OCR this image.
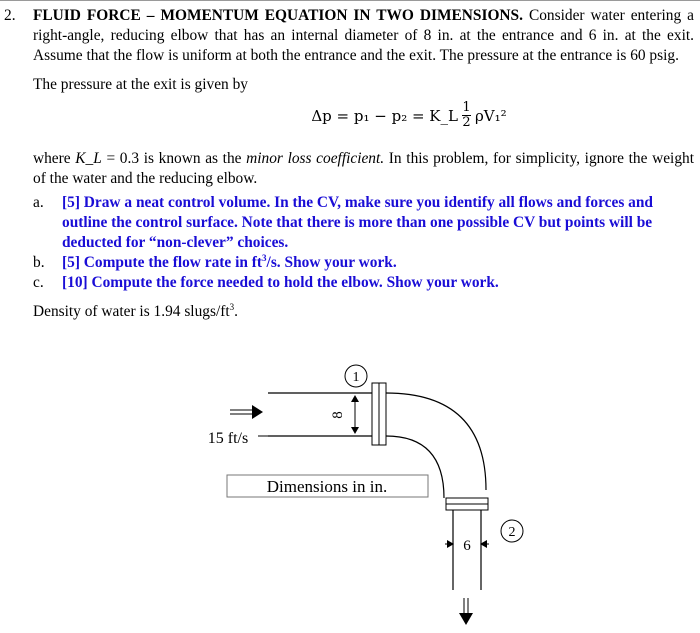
2. FLUID FORCE – MOMENTUM EQUATION IN TWO DIMENSIONS. Consider water entering a right-angle, reducing elbow that has an internal diameter of 8 in. at the entrance and 6 in. at the exit. Assume that the flow is uniform at both the entrance and the exit. The pressure at the entrance is 60 psig.
The pressure at the exit is given by
Δp = p₁ − p₂ = K_L $\frac{1}{2} \rho V_1^2$
where K_L = 0.3 is known as the minor loss coefficient. In this problem, for simplicity, ignore the weight of the water and the reducing elbow.
a.	[5] Draw a neat control volume. In the CV, make sure you identify all flows and forces and outline the control surface. Note that there is more than one possible CV but points will be deducted for “non-clever” choices.
b.	[5] Compute the flow rate in $ft^3/s$. Show your work.
c.	[10] Compute the force needed to hold the elbow. Show your work.
Density of water is 1.94 slugs/$ft^3$.
1
2
8
6
15 ft/s
Dimensions in in.
